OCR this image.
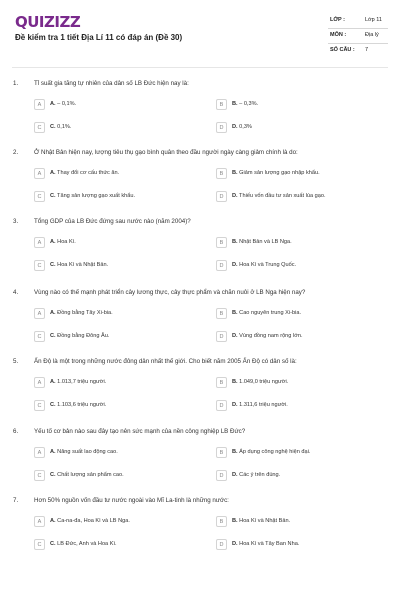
QUIZIZZ
Đề kiểm tra 1 tiết Địa Lí 11 có đáp án (Đề 30)
LỚP :	Lớp 11
MÔN :	Địa lý
SỐ CÂU : 7
1.	Tỉ suất gia tăng tự nhiên của dân số LB Đức hiện nay là:
A	A. – 0,1%.	B	B. – 0,3%.
C	C. 0,1%.	D	D. 0,3%
2.	Ở Nhật Bản hiện nay, lượng tiêu thụ gạo bình quân theo đầu người ngày càng giảm chính là do:
A	A. Thay đổi cơ cấu thức ăn.	B	B. Giảm sản lượng gạo nhập khẩu.
C	C. Tăng sản lượng gạo xuất khẩu.	D	D. Thiếu vốn đầu tư sản xuất lúa gạo.
3.	Tổng GDP của LB Đức đứng sau nước nào (năm 2004)?
A	A. Hoa Kì.	B	B. Nhật Bản và LB Nga.
C	C. Hoa Kì và Nhật Bản.	D	D. Hoa Kì và Trung Quốc.
4.	Vùng nào có thế mạnh phát triển cây lương thực, cây thực phẩm và chăn nuôi ở LB Nga hiện nay?
A	A. Đồng bằng Tây Xi-bia.	B	B. Cao nguyên trung Xi-bia.
C	C. Đồng bằng Đông Âu.	D	D. Vùng đồng nam rộng lớn.
5.	Ấn Độ là một trong những nước đông dân nhất thế giới. Cho biết năm 2005 Ấn Độ có dân số là:
A	A. 1.013,7 triệu người.	B	B. 1.049,0 triệu người.
C	C. 1.103,6 triệu người.	D	D. 1.311,6 triệu người.
6.	Yếu tố cơ bản nào sau đây tạo nên sức mạnh của nền công nghiệp LB Đức?
A	A. Năng suất lao động cao.	B	B. Áp dụng công nghệ hiện đại.
C	C. Chất lượng sản phẩm cao.	D	D. Các ý trên đúng.
7.	Hơn 50% nguồn vốn đầu tư nước ngoài vào Mĩ La-tinh là những nước:
A	A. Ca-na-đa, Hoa Kì và LB Nga.	B	B. Hoa Kì và Nhật Bản.
C	C. LB Đức, Anh và Hoa Kì.	D	D. Hoa Kì và Tây Ban Nha.
